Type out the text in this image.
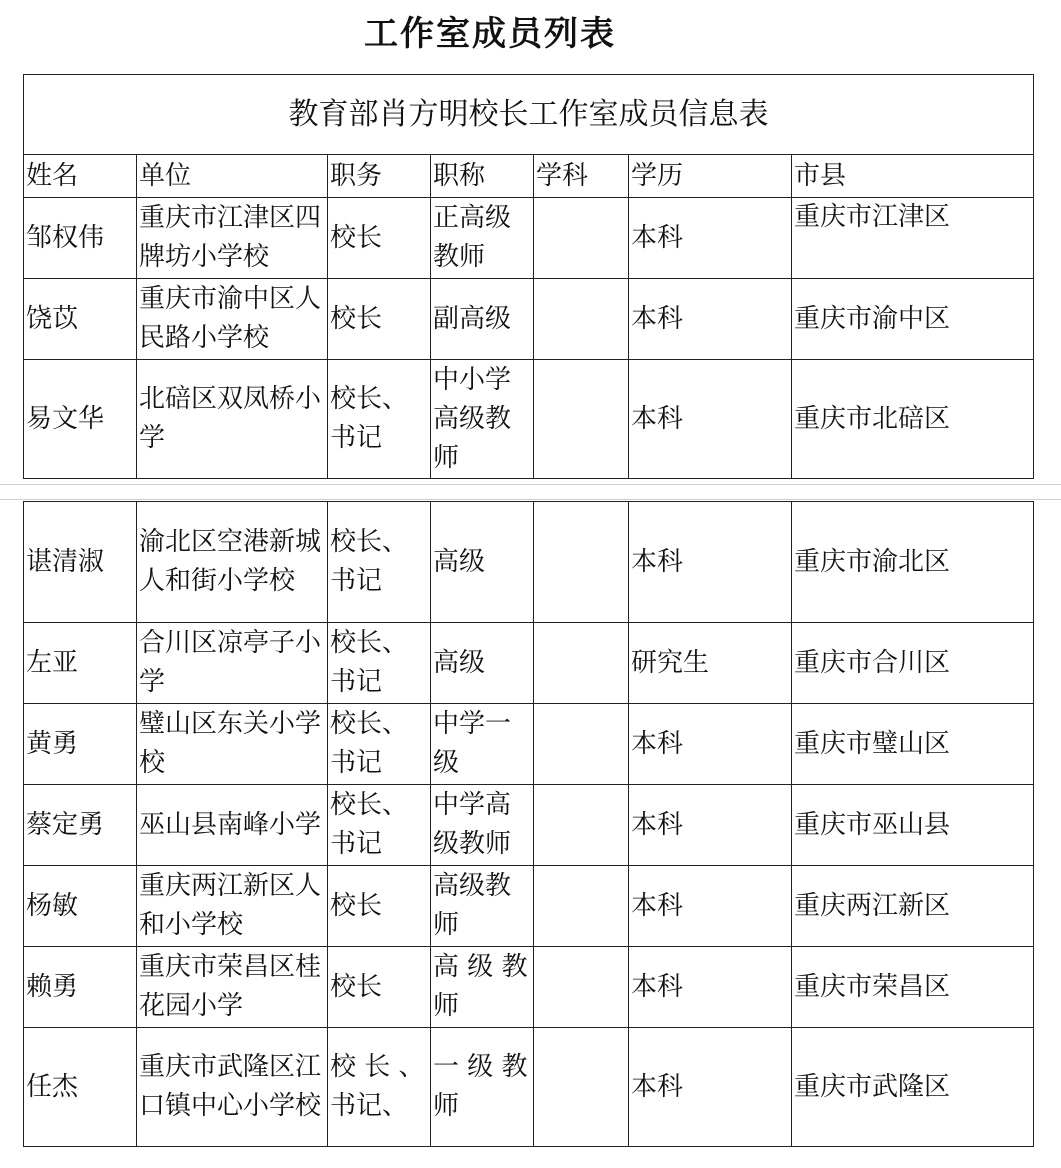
工作室成员列表
教育部肖方明校长工作室成员信息表						
姓名	单位	职务	职称	学科	学历	市县
邹权伟	重庆市江津区四牌坊小学校	校长	正高级教师		本科	重庆市江津区
饶苡	重庆市渝中区人民路小学校	校长	副高级		本科	重庆市渝中区
易文华	北碚区双凤桥小学	校长、书记	中小学高级教师		本科	重庆市北碚区
谌清淑	渝北区空港新城人和街小学校	校长、书记	高级		本科	重庆市渝北区
左亚	合川区凉亭子小学	校长、书记	高级		研究生	重庆市合川区
黄勇	璧山区东关小学校	校长、书记	中学一级		本科	重庆市璧山区
蔡定勇	巫山县南峰小学	校长、书记	中学高级教师		本科	重庆市巫山县
杨敏	重庆两江新区人和小学校	校长	高级教师		本科	重庆两江新区
赖勇	重庆市荣昌区桂花园小学	校长	高 级 教师		本科	重庆市荣昌区
任杰	重庆市武隆区江口镇中心小学校	校 长 、书记、	一 级 教师		本科	重庆市武隆区
